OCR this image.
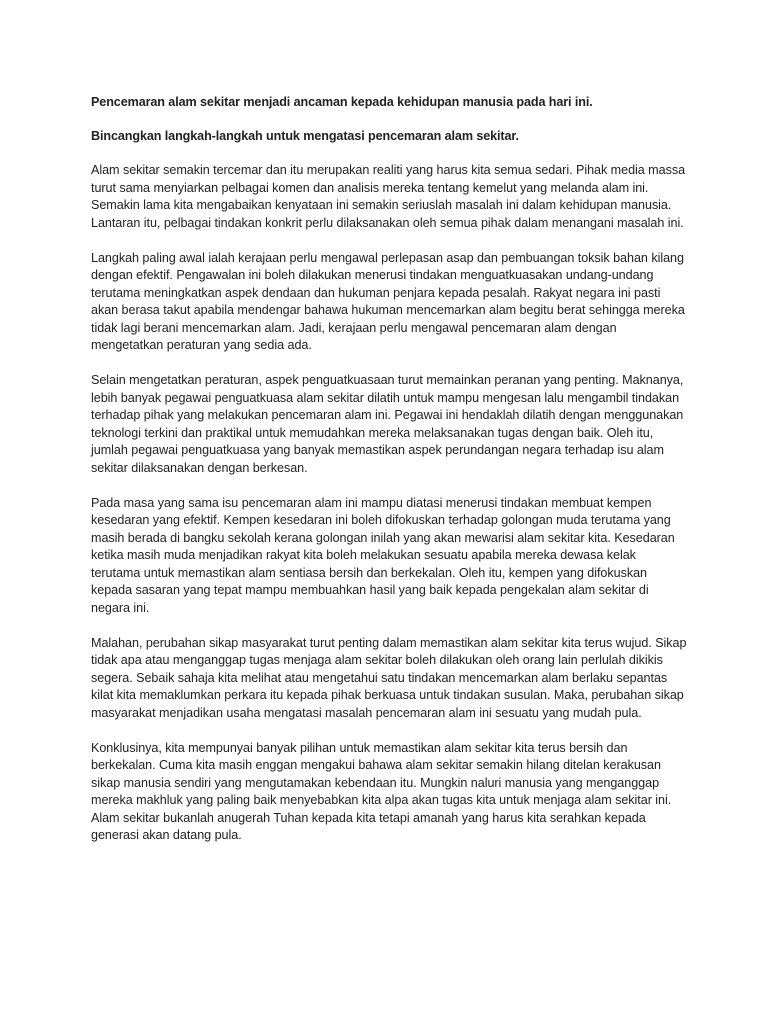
Pencemaran alam sekitar menjadi ancaman kepada kehidupan manusia pada hari ini.

Bincangkan langkah-langkah untuk mengatasi pencemaran alam sekitar.

Alam sekitar semakin tercemar dan itu merupakan realiti yang harus kita semua sedari. Pihak media massa turut sama menyiarkan pelbagai komen dan analisis mereka tentang kemelut yang melanda alam ini. Semakin lama kita mengabaikan kenyataan ini semakin seriuslah masalah ini dalam kehidupan manusia. Lantaran itu, pelbagai tindakan konkrit perlu dilaksanakan oleh semua pihak dalam menangani masalah ini.

Langkah paling awal ialah kerajaan perlu mengawal perlepasan asap dan pembuangan toksik bahan kilang dengan efektif. Pengawalan ini boleh dilakukan menerusi tindakan menguatkuasakan undang-undang terutama meningkatkan aspek dendaan dan hukuman penjara kepada pesalah. Rakyat negara ini pasti akan berasa takut apabila mendengar bahawa hukuman mencemarkan alam begitu berat sehingga mereka tidak lagi berani mencemarkan alam. Jadi, kerajaan perlu mengawal pencemaran alam dengan mengetatkan peraturan yang sedia ada.

Selain mengetatkan peraturan, aspek penguatkuasaan turut memainkan peranan yang penting. Maknanya, lebih banyak pegawai penguatkuasa alam sekitar dilatih untuk mampu mengesan lalu mengambil tindakan terhadap pihak yang melakukan pencemaran alam ini. Pegawai ini hendaklah dilatih dengan menggunakan teknologi terkini dan praktikal untuk memudahkan mereka melaksanakan tugas dengan baik. Oleh itu, jumlah pegawai penguatkuasa yang banyak memastikan aspek perundangan negara terhadap isu alam sekitar dilaksanakan dengan berkesan.

Pada masa yang sama isu pencemaran alam ini mampu diatasi menerusi tindakan membuat kempen kesedaran yang efektif. Kempen kesedaran ini boleh difokuskan terhadap golongan muda terutama yang masih berada di bangku sekolah kerana golongan inilah yang akan mewarisi alam sekitar kita. Kesedaran ketika masih muda menjadikan rakyat kita boleh melakukan sesuatu apabila mereka dewasa kelak terutama untuk memastikan alam sentiasa bersih dan berkekalan. Oleh itu, kempen yang difokuskan kepada sasaran yang tepat mampu membuahkan hasil yang baik kepada pengekalan alam sekitar di negara ini.

Malahan, perubahan sikap masyarakat turut penting dalam memastikan alam sekitar kita terus wujud. Sikap tidak apa atau menganggap tugas menjaga alam sekitar boleh dilakukan oleh orang lain perlulah dikikis segera. Sebaik sahaja kita melihat atau mengetahui satu tindakan mencemarkan alam berlaku sepantas kilat kita memaklumkan perkara itu kepada pihak berkuasa untuk tindakan susulan. Maka, perubahan sikap masyarakat menjadikan usaha mengatasi masalah pencemaran alam ini sesuatu yang mudah pula.

Konklusinya, kita mempunyai banyak pilihan untuk memastikan alam sekitar kita terus bersih dan berkekalan. Cuma kita masih enggan mengakui bahawa alam sekitar semakin hilang ditelan kerakusan sikap manusia sendiri yang mengutamakan kebendaan itu. Mungkin naluri manusia yang menganggap mereka makhluk yang paling baik menyebabkan kita alpa akan tugas kita untuk menjaga alam sekitar ini. Alam sekitar bukanlah anugerah Tuhan kepada kita tetapi amanah yang harus kita serahkan kepada generasi akan datang pula.
